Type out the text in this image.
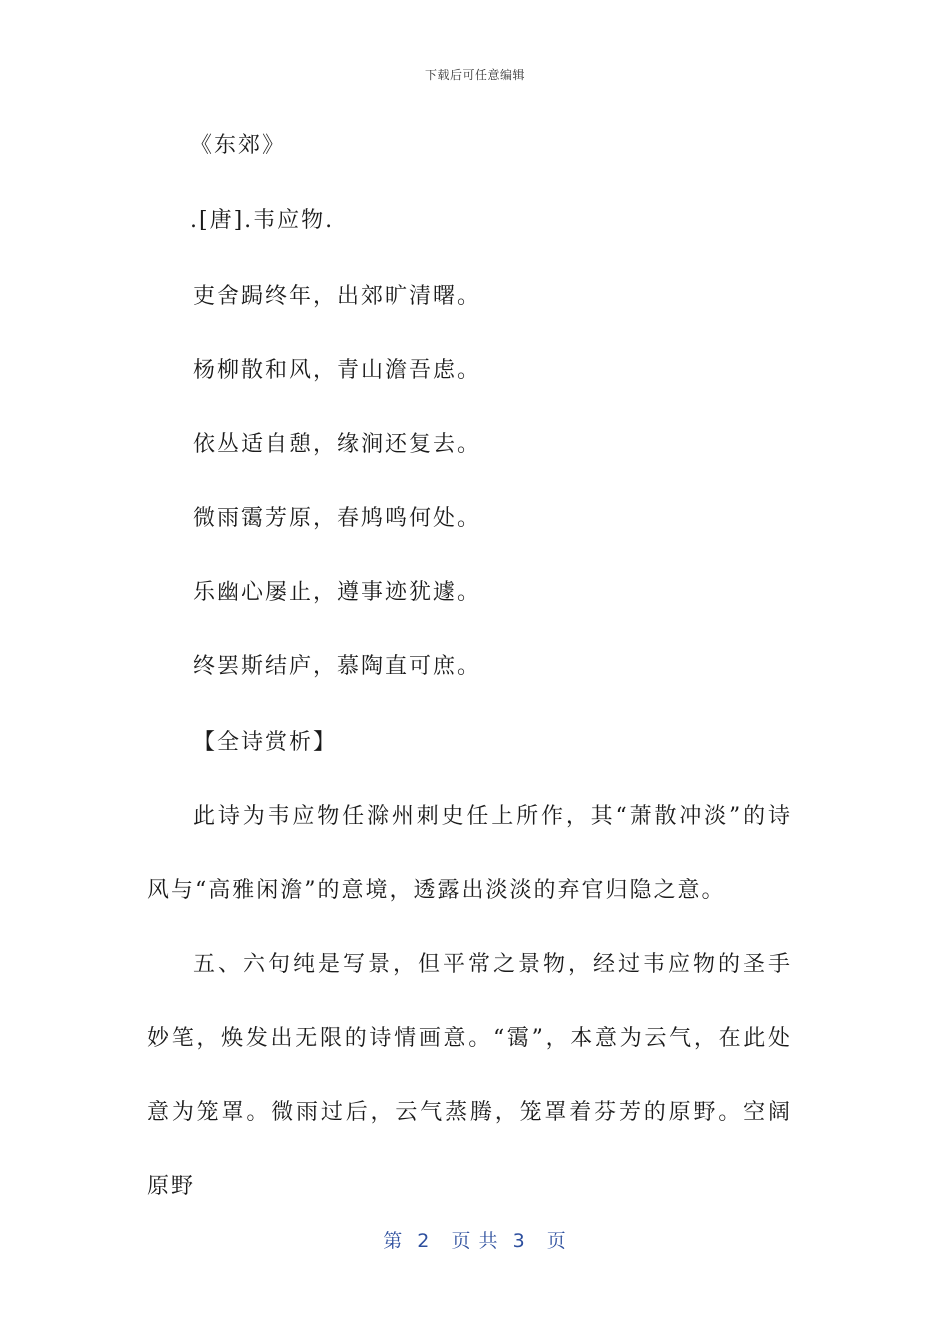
下载后可任意编辑
《东郊》
.[唐].韦应物.
吏舍跼终年，出郊旷清曙。
杨柳散和风，青山澹吾虑。
依丛适自憩，缘涧还复去。
微雨霭芳原，春鸠鸣何处。
乐幽心屡止，遵事迹犹遽。
终罢斯结庐，慕陶直可庶。
【全诗赏析】

此诗为韦应物任滁州刺史任上所作，其“萧散冲淡”的诗风与“高雅闲澹”的意境，透露出淡淡的弃官归隐之意。

五、六句纯是写景，但平常之景物，经过韦应物的圣手妙笔，焕发出无限的诗情画意。“霭”，本意为云气，在此处意为笼罩。微雨过后，云气蒸腾，笼罩着芬芳的原野。空阔原野

第  2   页 共  3   页
